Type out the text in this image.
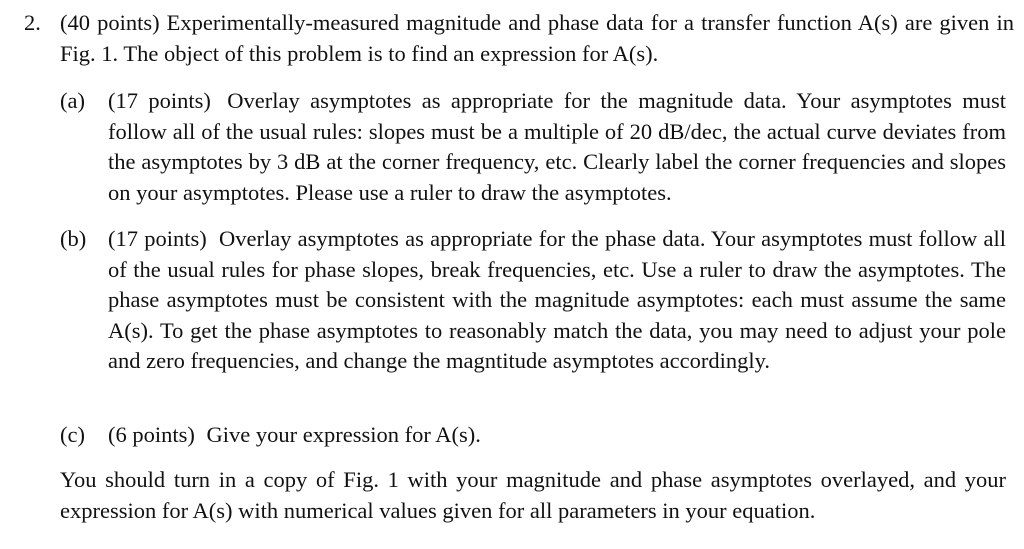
2. (40 points) Experimentally-measured magnitude and phase data for a transfer function A(s) are given in Fig. 1. The object of this problem is to find an expression for A(s).
(a) (17 points) Overlay asymptotes as appropriate for the magnitude data. Your asymptotes must follow all of the usual rules: slopes must be a multiple of 20 dB/dec, the actual curve deviates from the asymptotes by 3 dB at the corner frequency, etc. Clearly label the corner frequencies and slopes on your asymptotes. Please use a ruler to draw the asymptotes.
(b) (17 points) Overlay asymptotes as appropriate for the phase data. Your asymptotes must follow all of the usual rules for phase slopes, break frequencies, etc. Use a ruler to draw the asymptotes. The phase asymptotes must be consistent with the magnitude asymptotes: each must assume the same A(s). To get the phase asymptotes to reasonably match the data, you may need to adjust your pole and zero frequencies, and change the magntitude asymptotes accordingly.
(c) (6 points) Give your expression for A(s).
You should turn in a copy of Fig. 1 with your magnitude and phase asymptotes overlayed, and your expression for A(s) with numerical values given for all parameters in your equation.
